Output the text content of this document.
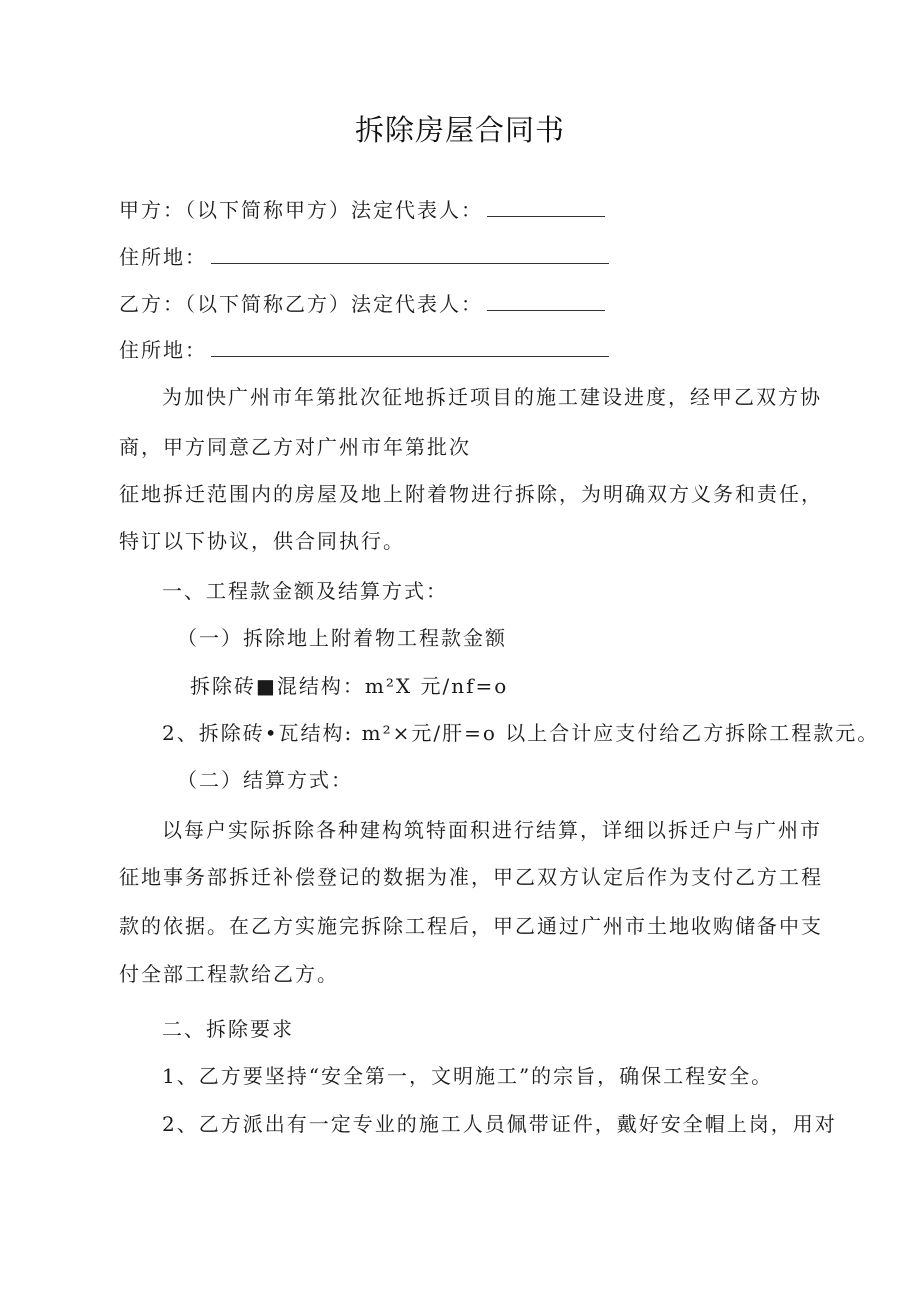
拆除房屋合同书
甲方：（以下简称甲方）法定代表人：
住所地：
乙方：（以下简称乙方）法定代表人：
住所地：
为加快广州市年第批次征地拆迁项目的施工建设进度，经甲乙双方协
商，甲方同意乙方对广州市年第批次
征地拆迁范围内的房屋及地上附着物进行拆除，为明确双方义务和责任，
特订以下协议，供合同执行。
一、工程款金额及结算方式：
（一）拆除地上附着物工程款金额
拆除砖■混结构：m²X 元/nf=o
2、拆除砖•瓦结构: m²×元/肝=o 以上合计应支付给乙方拆除工程款元。
（二）结算方式：
以每户实际拆除各种建构筑特面积进行结算，详细以拆迁户与广州市
征地事务部拆迁补偿登记的数据为准，甲乙双方认定后作为支付乙方工程
款的依据。在乙方实施完拆除工程后，甲乙通过广州市土地收购储备中支
付全部工程款给乙方。
二、拆除要求
1、乙方要坚持“安全第一，文明施工”的宗旨，确保工程安全。
2、乙方派出有一定专业的施工人员佩带证件，戴好安全帽上岗，用对
